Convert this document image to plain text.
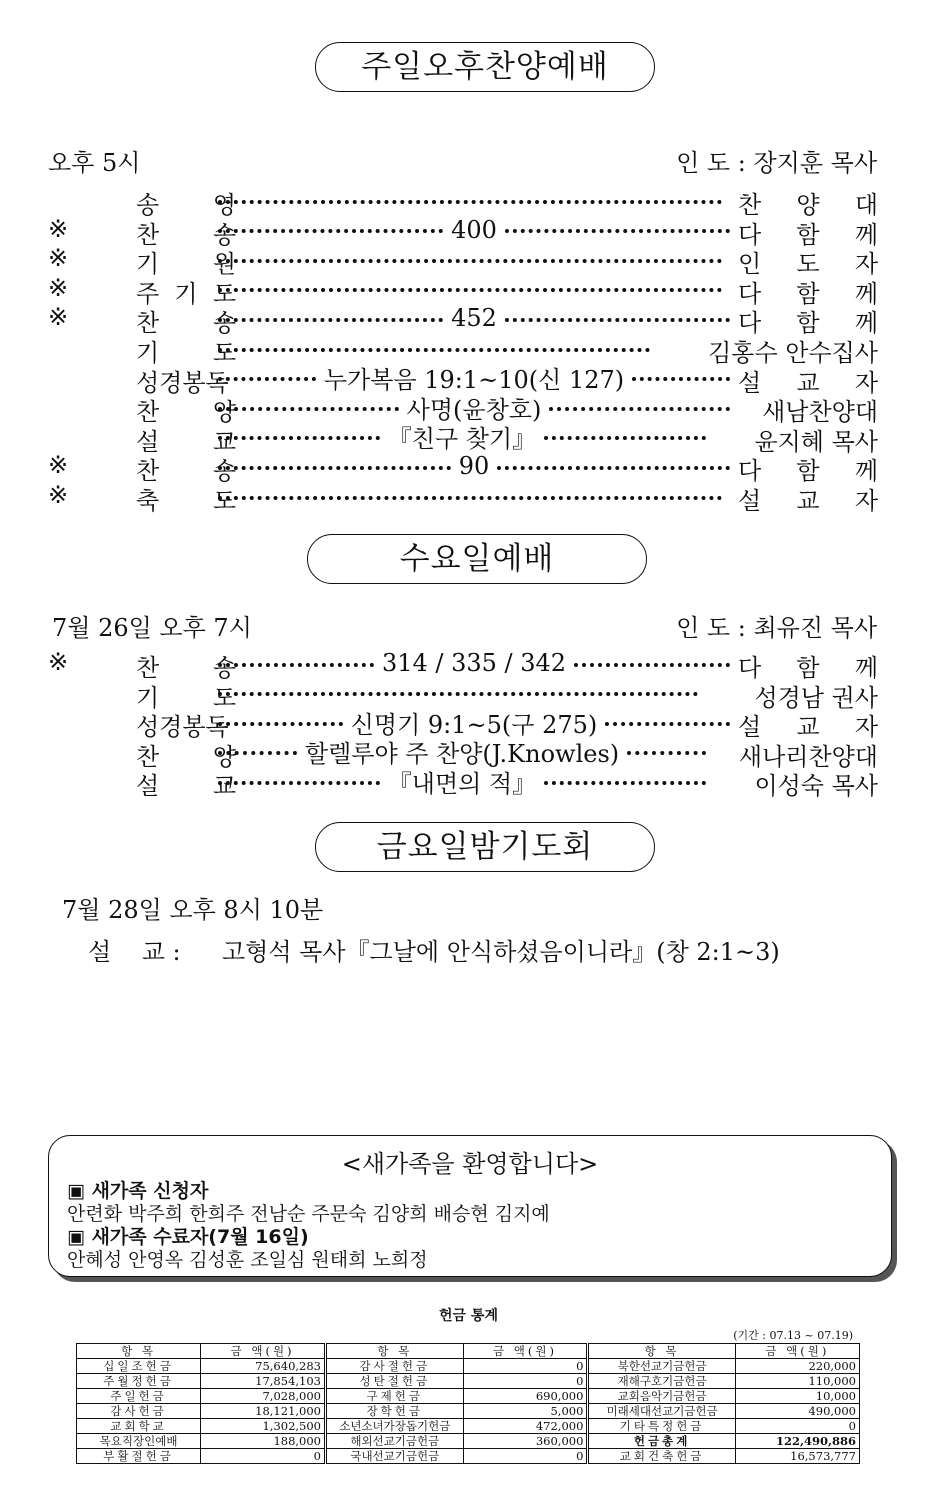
주일오후찬양예배
오후 5시	인 도 : 장지훈 목사
송 영	찬 양 대
※	찬 송	400	다 함 께
※	기 원	인 도 자
※	주 기 도	다 함 께
※	찬 송	452	다 함 께
기 도	김홍수 안수집사
성경봉독	누가복음 19:1~10(신 127)	설 교 자
찬 양	사명(윤창호)	새남찬양대
설 교	『친구 찾기』	윤지혜 목사
※	찬 송	90	다 함 께
※	축 도	설 교 자
수요일예배
7월 26일 오후 7시	인 도 : 최유진 목사
※	찬 송	314 / 335 / 342	다 함 께
기 도	성경남 권사
성경봉독	신명기 9:1~5(구 275)	설 교 자
찬 양	할렐루야 주 찬양(J.Knowles)	새나리찬양대
설 교	『내면의 적』	이성숙 목사
금요일밤기도회
7월 28일 오후 8시 10분
설    교 : 고형석 목사『그날에 안식하셨음이니라』(창 2:1~3)
<새가족을 환영합니다>
▣ 새가족 신청자
안련화 박주희 한희주 전남순 주문숙 김양희 배승현 김지예
▣ 새가족 수료자(7월 16일)
안혜성 안영옥 김성훈 조일심 원태희 노희정
헌금 통계
(기간 : 07.13 ~ 07.19)
항 목	금 액(원)	항 목	금 액(원)	항 목	금 액(원)
십일조헌금	75,640,283	감사절헌금	0	북한선교기금헌금	220,000
주월정헌금	17,854,103	성탄절헌금	0	재해구호기금헌금	110,000
주일헌금	7,028,000	구제헌금	690,000	교회음악기금헌금	10,000
감사헌금	18,121,000	장학헌금	5,000	미래세대선교기금헌금	490,000
교회학교	1,302,500	소년소녀가장돕기헌금	472,000	기타특정헌금	0
목요직장인예배	188,000	해외선교기금헌금	360,000	헌금총계	122,490,886
부활절헌금	0	국내선교기금헌금	0	교회건축헌금	16,573,777
